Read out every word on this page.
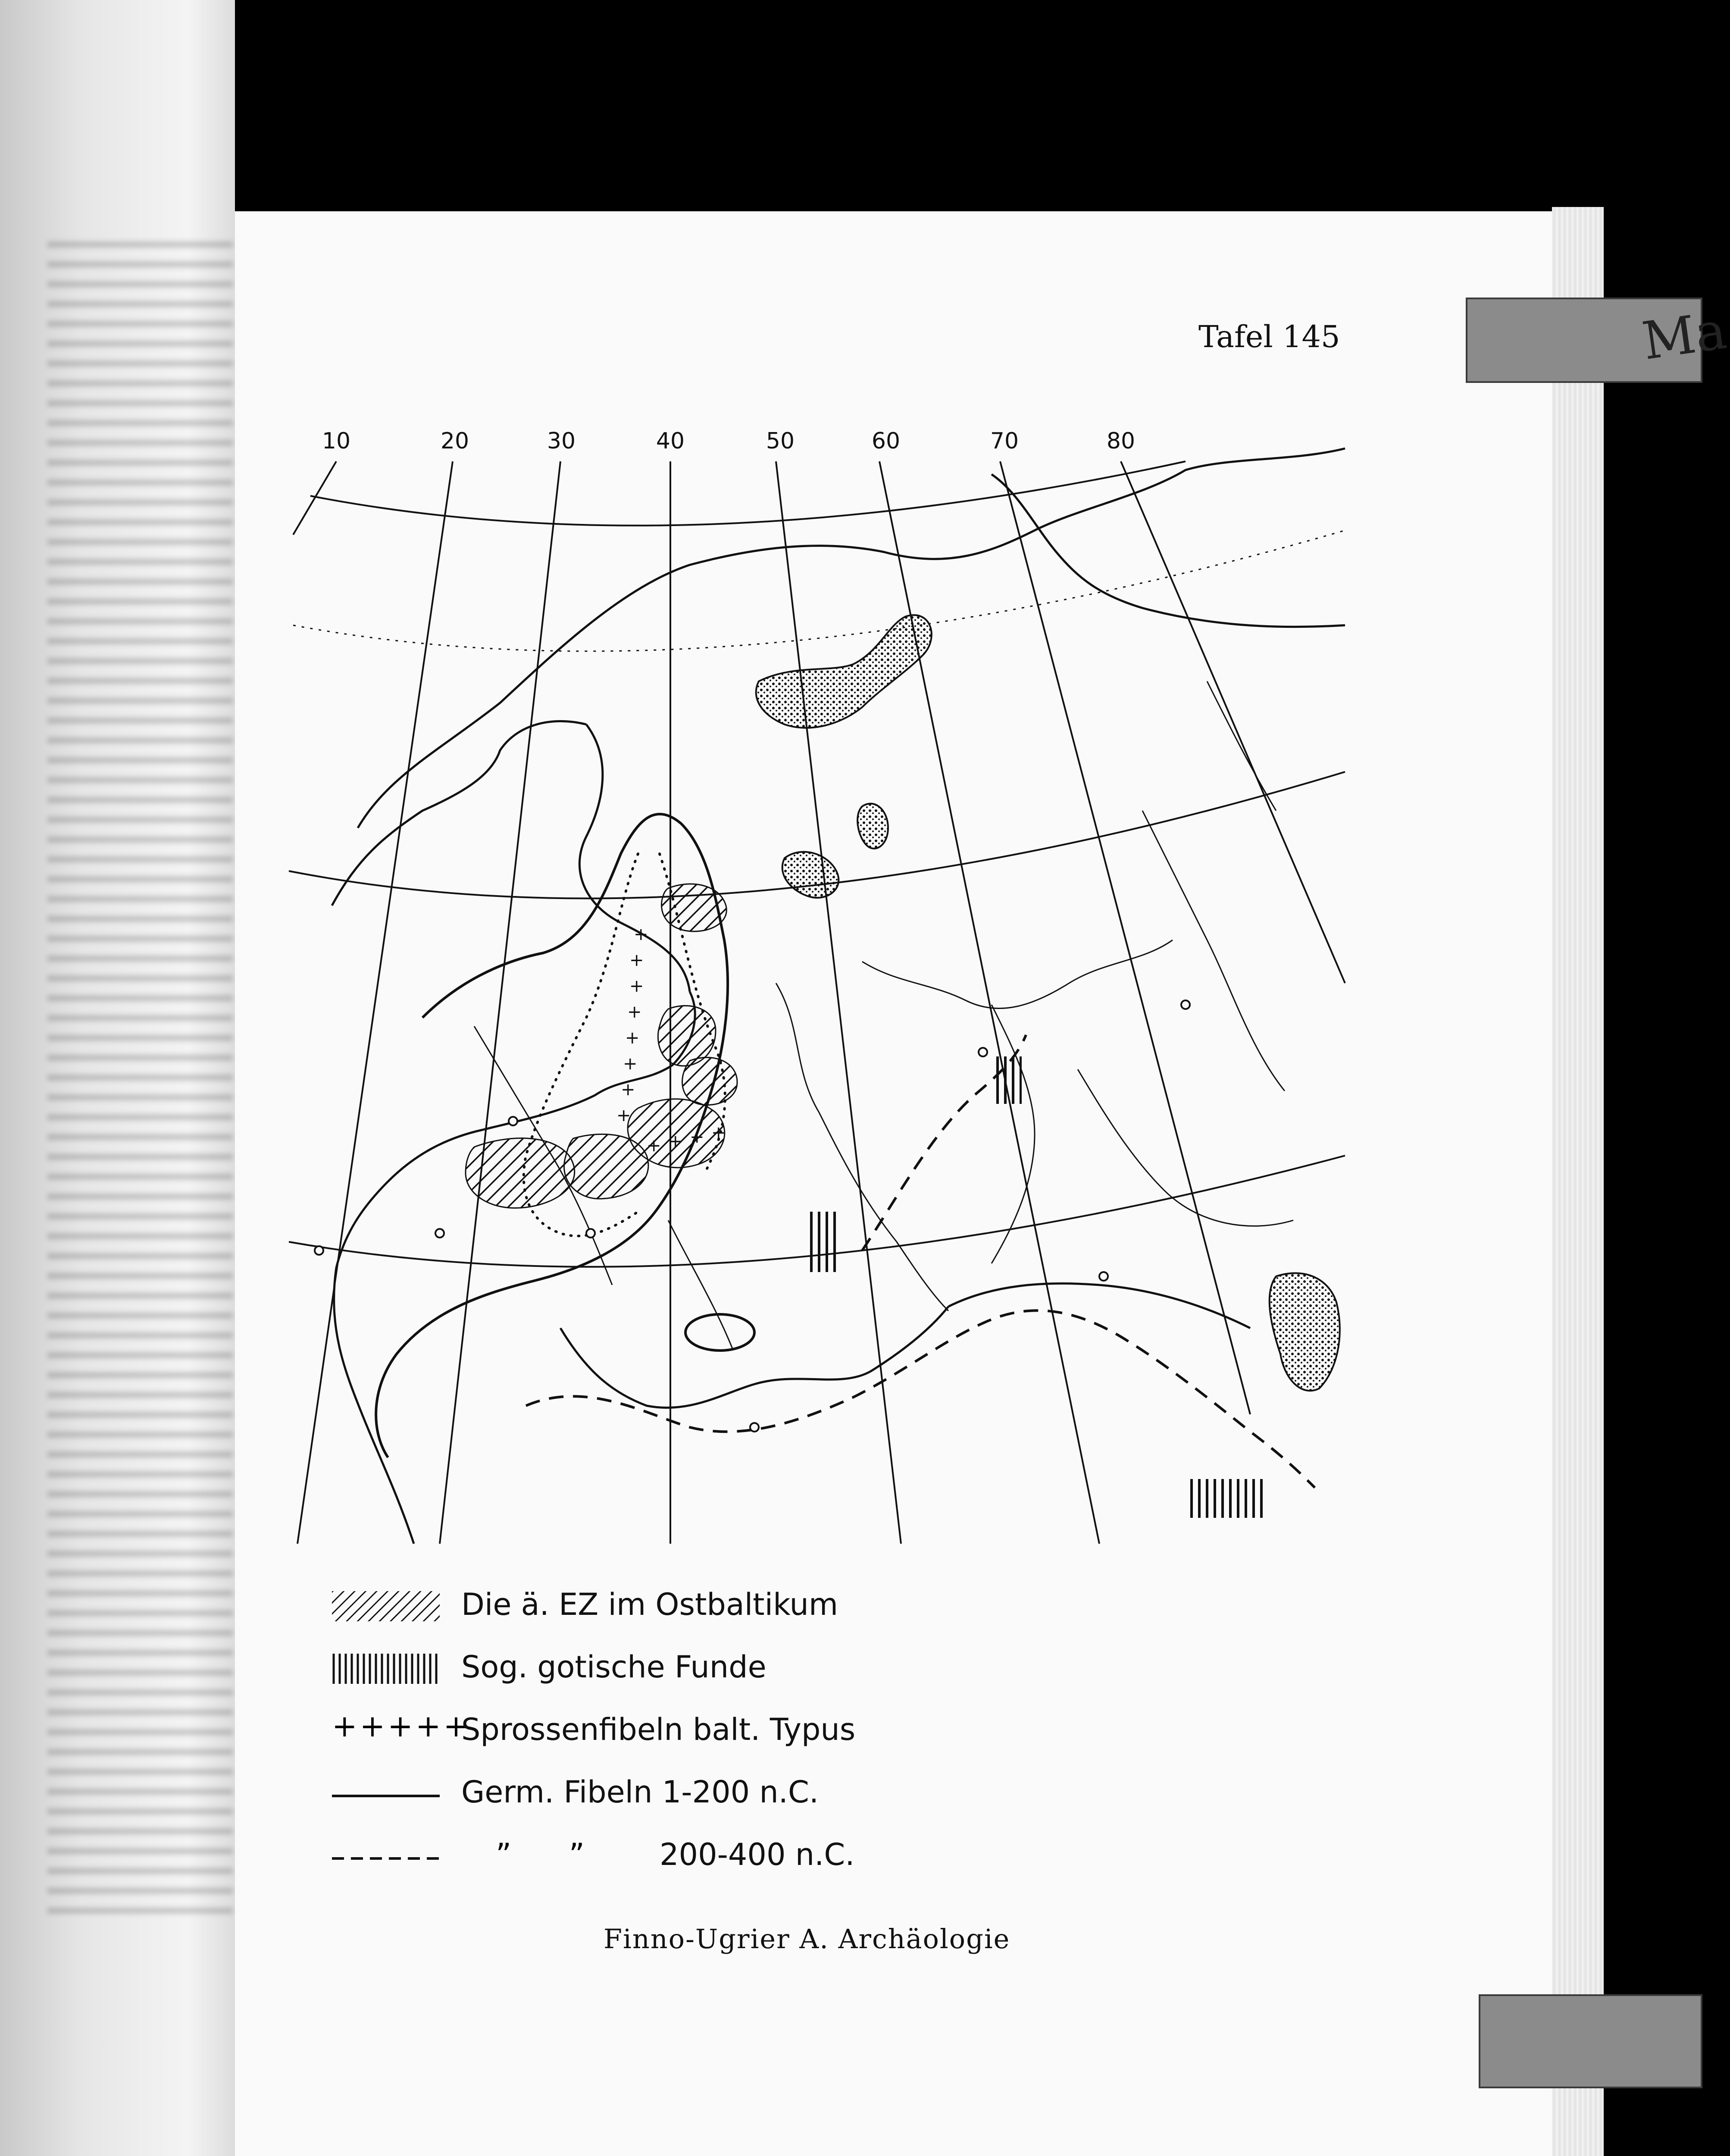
Ma
Tafel 145
10	20	30	40	50	60	70	80
+
+
+
+
+
+
+
+
+ + + +
Die ä. EZ im Ostbaltikum
Sog. gotische Funde
+++++
Sprossenfibeln balt. Typus
Germ. Fibeln 1-200 n.C.
”      ” 200-400 n.C.
Finno-Ugrier A. Archäologie
